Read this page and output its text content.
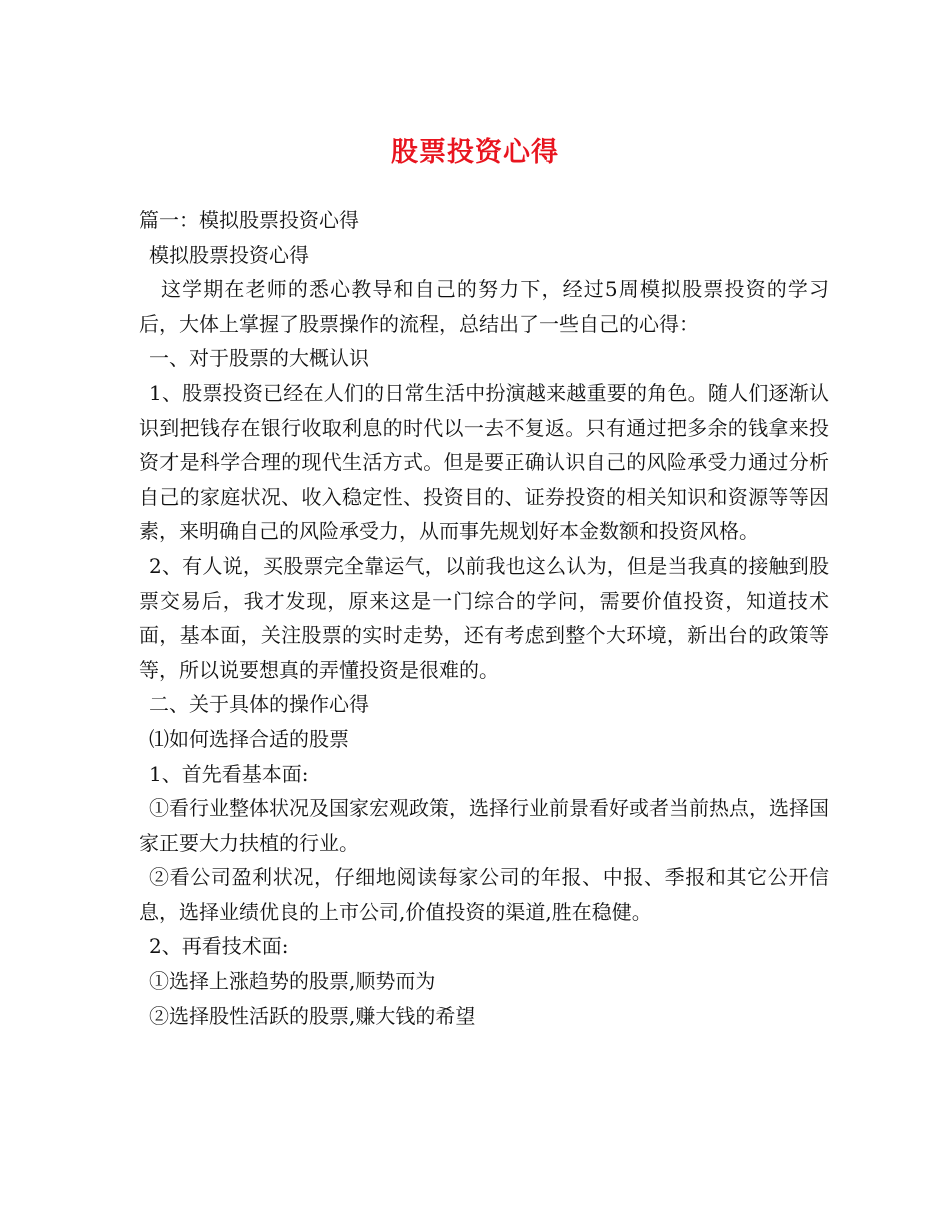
股票投资心得

篇一：模拟股票投资心得

模拟股票投资心得

这学期在老师的悉心教导和自己的努力下，经过5周模拟股票投资的学习后，大体上掌握了股票操作的流程，总结出了一些自己的心得：

一、对于股票的大概认识

1、股票投资已经在人们的日常生活中扮演越来越重要的角色。随人们逐渐认识到把钱存在银行收取利息的时代以一去不复返。只有通过把多余的钱拿来投资才是科学合理的现代生活方式。但是要正确认识自己的风险承受力通过分析自己的家庭状况、收入稳定性、投资目的、证券投资的相关知识和资源等等因素，来明确自己的风险承受力，从而事先规划好本金数额和投资风格。

2、有人说，买股票完全靠运气，以前我也这么认为，但是当我真的接触到股票交易后，我才发现，原来这是一门综合的学问，需要价值投资，知道技术面，基本面，关注股票的实时走势，还有考虑到整个大环境，新出台的政策等等，所以说要想真的弄懂投资是很难的。

二、关于具体的操作心得

⑴如何选择合适的股票

1、首先看基本面:

①看行业整体状况及国家宏观政策，选择行业前景看好或者当前热点，选择国家正要大力扶植的行业。

②看公司盈利状况，仔细地阅读每家公司的年报、中报、季报和其它公开信息，选择业绩优良的上市公司,价值投资的渠道,胜在稳健。

2、再看技术面:

①选择上涨趋势的股票,顺势而为

②选择股性活跃的股票,赚大钱的希望
